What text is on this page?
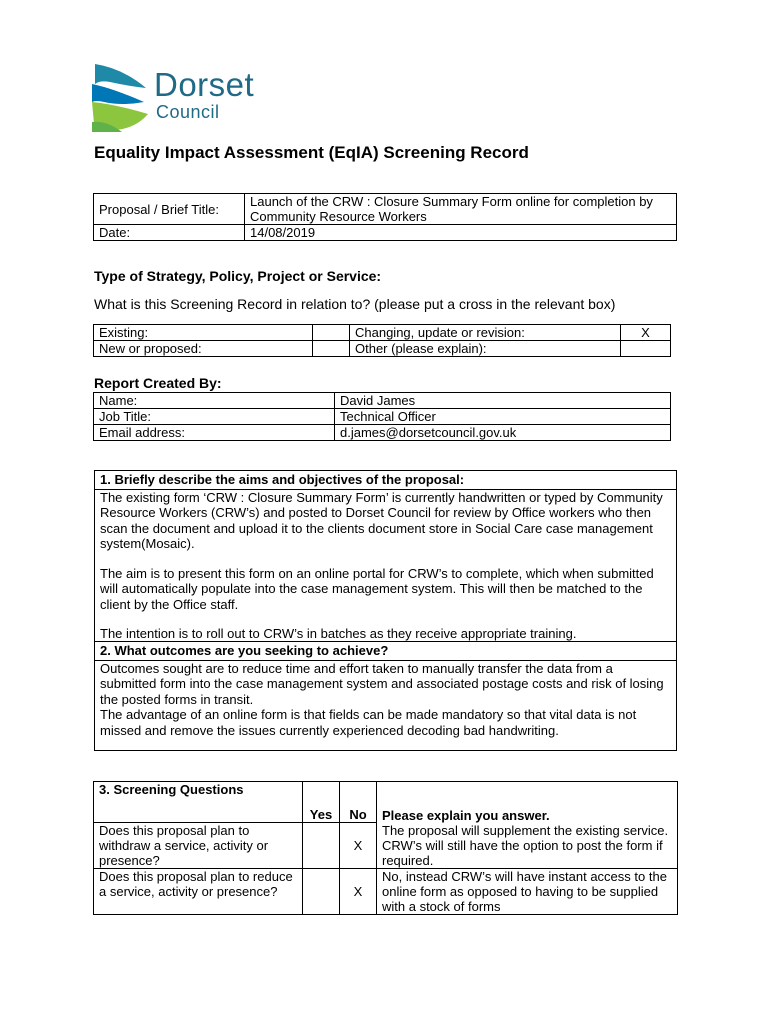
Dorset
Council
Equality Impact Assessment (EqIA) Screening Record
Proposal / Brief Title:	Launch of the CRW : Closure Summary Form online for completion by Community Resource Workers
Date:	14/08/2019
Type of Strategy, Policy, Project or Service:
What is this Screening Record in relation to? (please put a cross in the relevant box)
Existing:		Changing, update or revision:	X
New or proposed:		Other (please explain):	
Report Created By:
Name:	David James
Job Title:	Technical Officer
Email address:	d.james@dorsetcouncil.gov.uk

1. Briefly describe the aims and objectives of the proposal:

The existing form ‘CRW : Closure Summary Form’ is currently handwritten or typed by Community Resource Workers (CRW’s) and posted to Dorset Council for review by Office workers who then scan the document and upload it to the clients document store in Social Care case management system(Mosaic).

The aim is to present this form on an online portal for CRW’s to complete, which when submitted will automatically populate into the case management system. This will then be matched to the client by the Office staff.

The intention is to roll out to CRW’s in batches as they receive appropriate training.

2. What outcomes are you seeking to achieve?

Outcomes sought are to reduce time and effort taken to manually transfer the data from a submitted form into the case management system and associated postage costs and risk of losing the posted forms in transit.

The advantage of an online form is that fields can be made mandatory so that vital data is not missed and remove the issues currently experienced decoding bad handwriting.

3. Screening Questions	Yes	No	Please explain you answer.
Does this proposal plan to withdraw a service, activity or presence?		X	The proposal will supplement the existing service. CRW’s will still have the option to post the form if required.
Does this proposal plan to reduce a service, activity or presence?		X	No, instead CRW’s will have instant access to the online form as opposed to having to be supplied with a stock of forms
